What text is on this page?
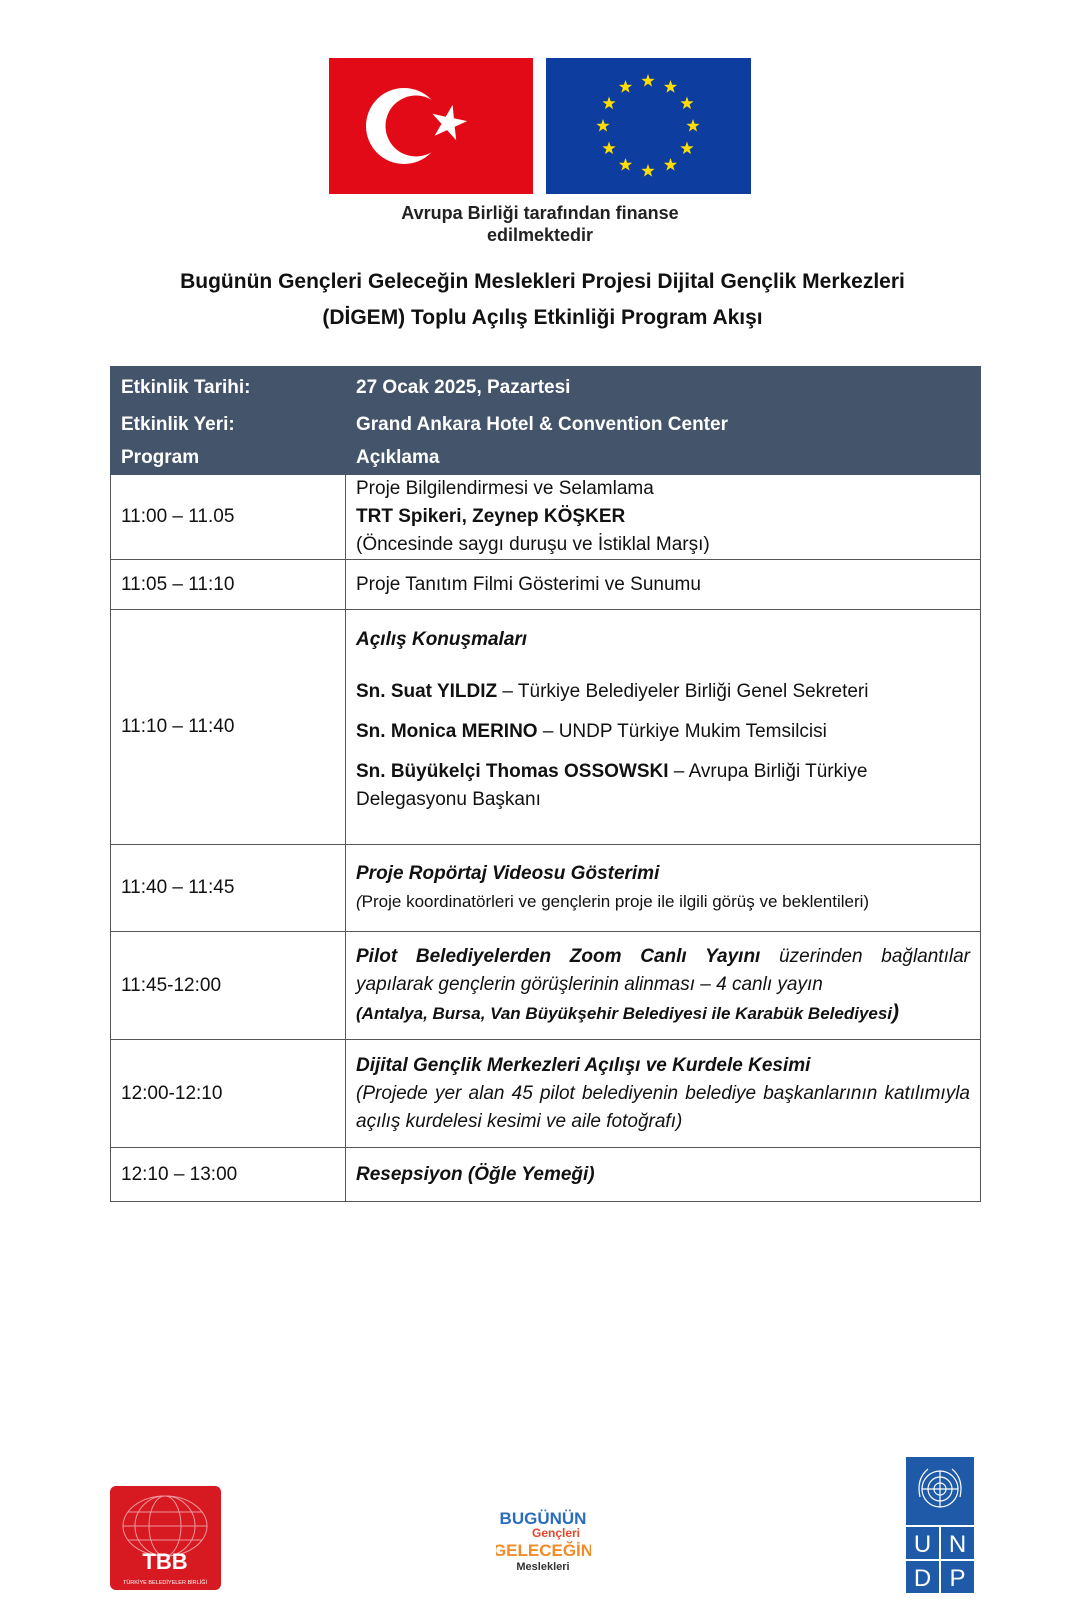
Avrupa Birliği tarafından finanse
edilmektedir
Bugünün Gençleri Geleceğin Meslekleri Projesi Dijital Gençlik Merkezleri
(DİGEM) Toplu Açılış Etkinliği Program Akışı
Etkinlik Tarihi:	27 Ocak 2025, Pazartesi
Etkinlik Yeri:	Grand Ankara Hotel & Convention Center
Program	Açıklama
11:00 – 11.05	Proje Bilgilendirmesi ve Selamlama

TRT Spikeri, Zeynep KÖŞKER

(Öncesinde saygı duruşu ve İstiklal Marşı)

11:05 – 11:10	Proje Tanıtım Filmi Gösterimi ve Sunumu

11:10 – 11:40	Açılış Konuşmaları

Sn. Suat YILDIZ – Türkiye Belediyeler Birliği Genel Sekreteri

Sn. Monica MERINO – UNDP Türkiye Mukim Temsilcisi

Sn. Büyükelçi Thomas OSSOWSKI – Avrupa Birliği Türkiye Delegasyonu Başkanı

11:40 – 11:45	Proje Ropörtaj Videosu Gösterimi

(Proje koordinatörleri ve gençlerin proje ile ilgili görüş ve beklentileri)

11:45-12:00	Pilot Belediyelerden Zoom Canlı Yayını üzerinden bağlantılar yapılarak gençlerin görüşlerinin alinması – 4 canlı yayın

(Antalya, Bursa, Van Büyükşehir Belediyesi ile Karabük Belediyesi)

12:00-12:10	Dijital Gençlik Merkezleri Açılışı ve Kurdele Kesimi

(Projede yer alan 45 pilot belediyenin belediye başkanlarının katılımıyla açılış kurdelesi kesimi ve aile fotoğrafı)

12:10 – 13:00	Resepsiyon (Öğle Yemeği)

TBB
TÜRKİYE BELEDİYELER BİRLİĞİ
BUGÜNÜN
Gençleri
GELECEĞİN
Meslekleri
U N
D P
